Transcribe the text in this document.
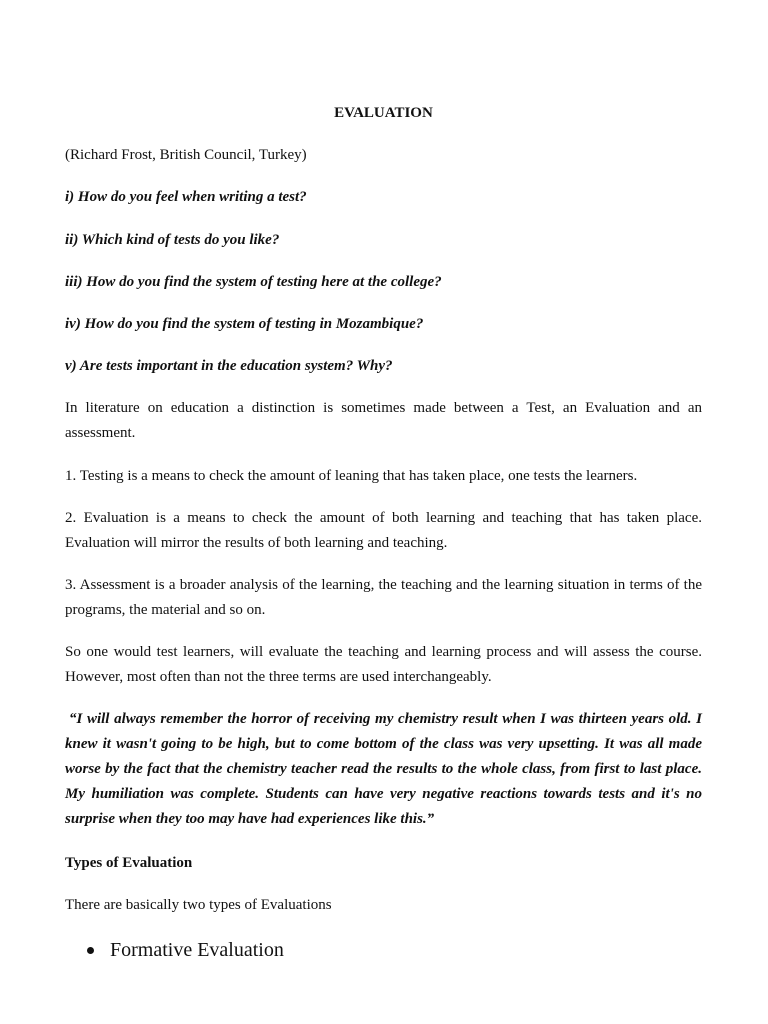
EVALUATION

(Richard Frost, British Council, Turkey)

i) How do you feel when writing a test?

ii) Which kind of tests do you like?

iii) How do you find the system of testing here at the college?

iv) How do you find the system of testing in Mozambique?

v) Are tests important in the education system? Why?

In literature on education a distinction is sometimes made between a Test, an Evaluation and an assessment.

1. Testing is a means to check the amount of leaning that has taken place, one tests the learners.

2. Evaluation is a means to check the amount of both learning and teaching that has taken place. Evaluation will mirror the results of both learning and teaching.

3. Assessment is a broader analysis of the learning, the teaching and the learning situation in terms of the programs, the material and so on.

So one would test learners, will evaluate the teaching and learning process and will assess the course. However, most often than not the three terms are used interchangeably.

“I will always remember the horror of receiving my chemistry result when I was thirteen years old. I knew it wasn't going to be high, but to come bottom of the class was very upsetting. It was all made worse by the fact that the chemistry teacher read the results to the whole class, from first to last place. My humiliation was complete. Students can have very negative reactions towards tests and it's no surprise when they too may have had experiences like this.”

Types of Evaluation

There are basically two types of Evaluations

Formative Evaluation
